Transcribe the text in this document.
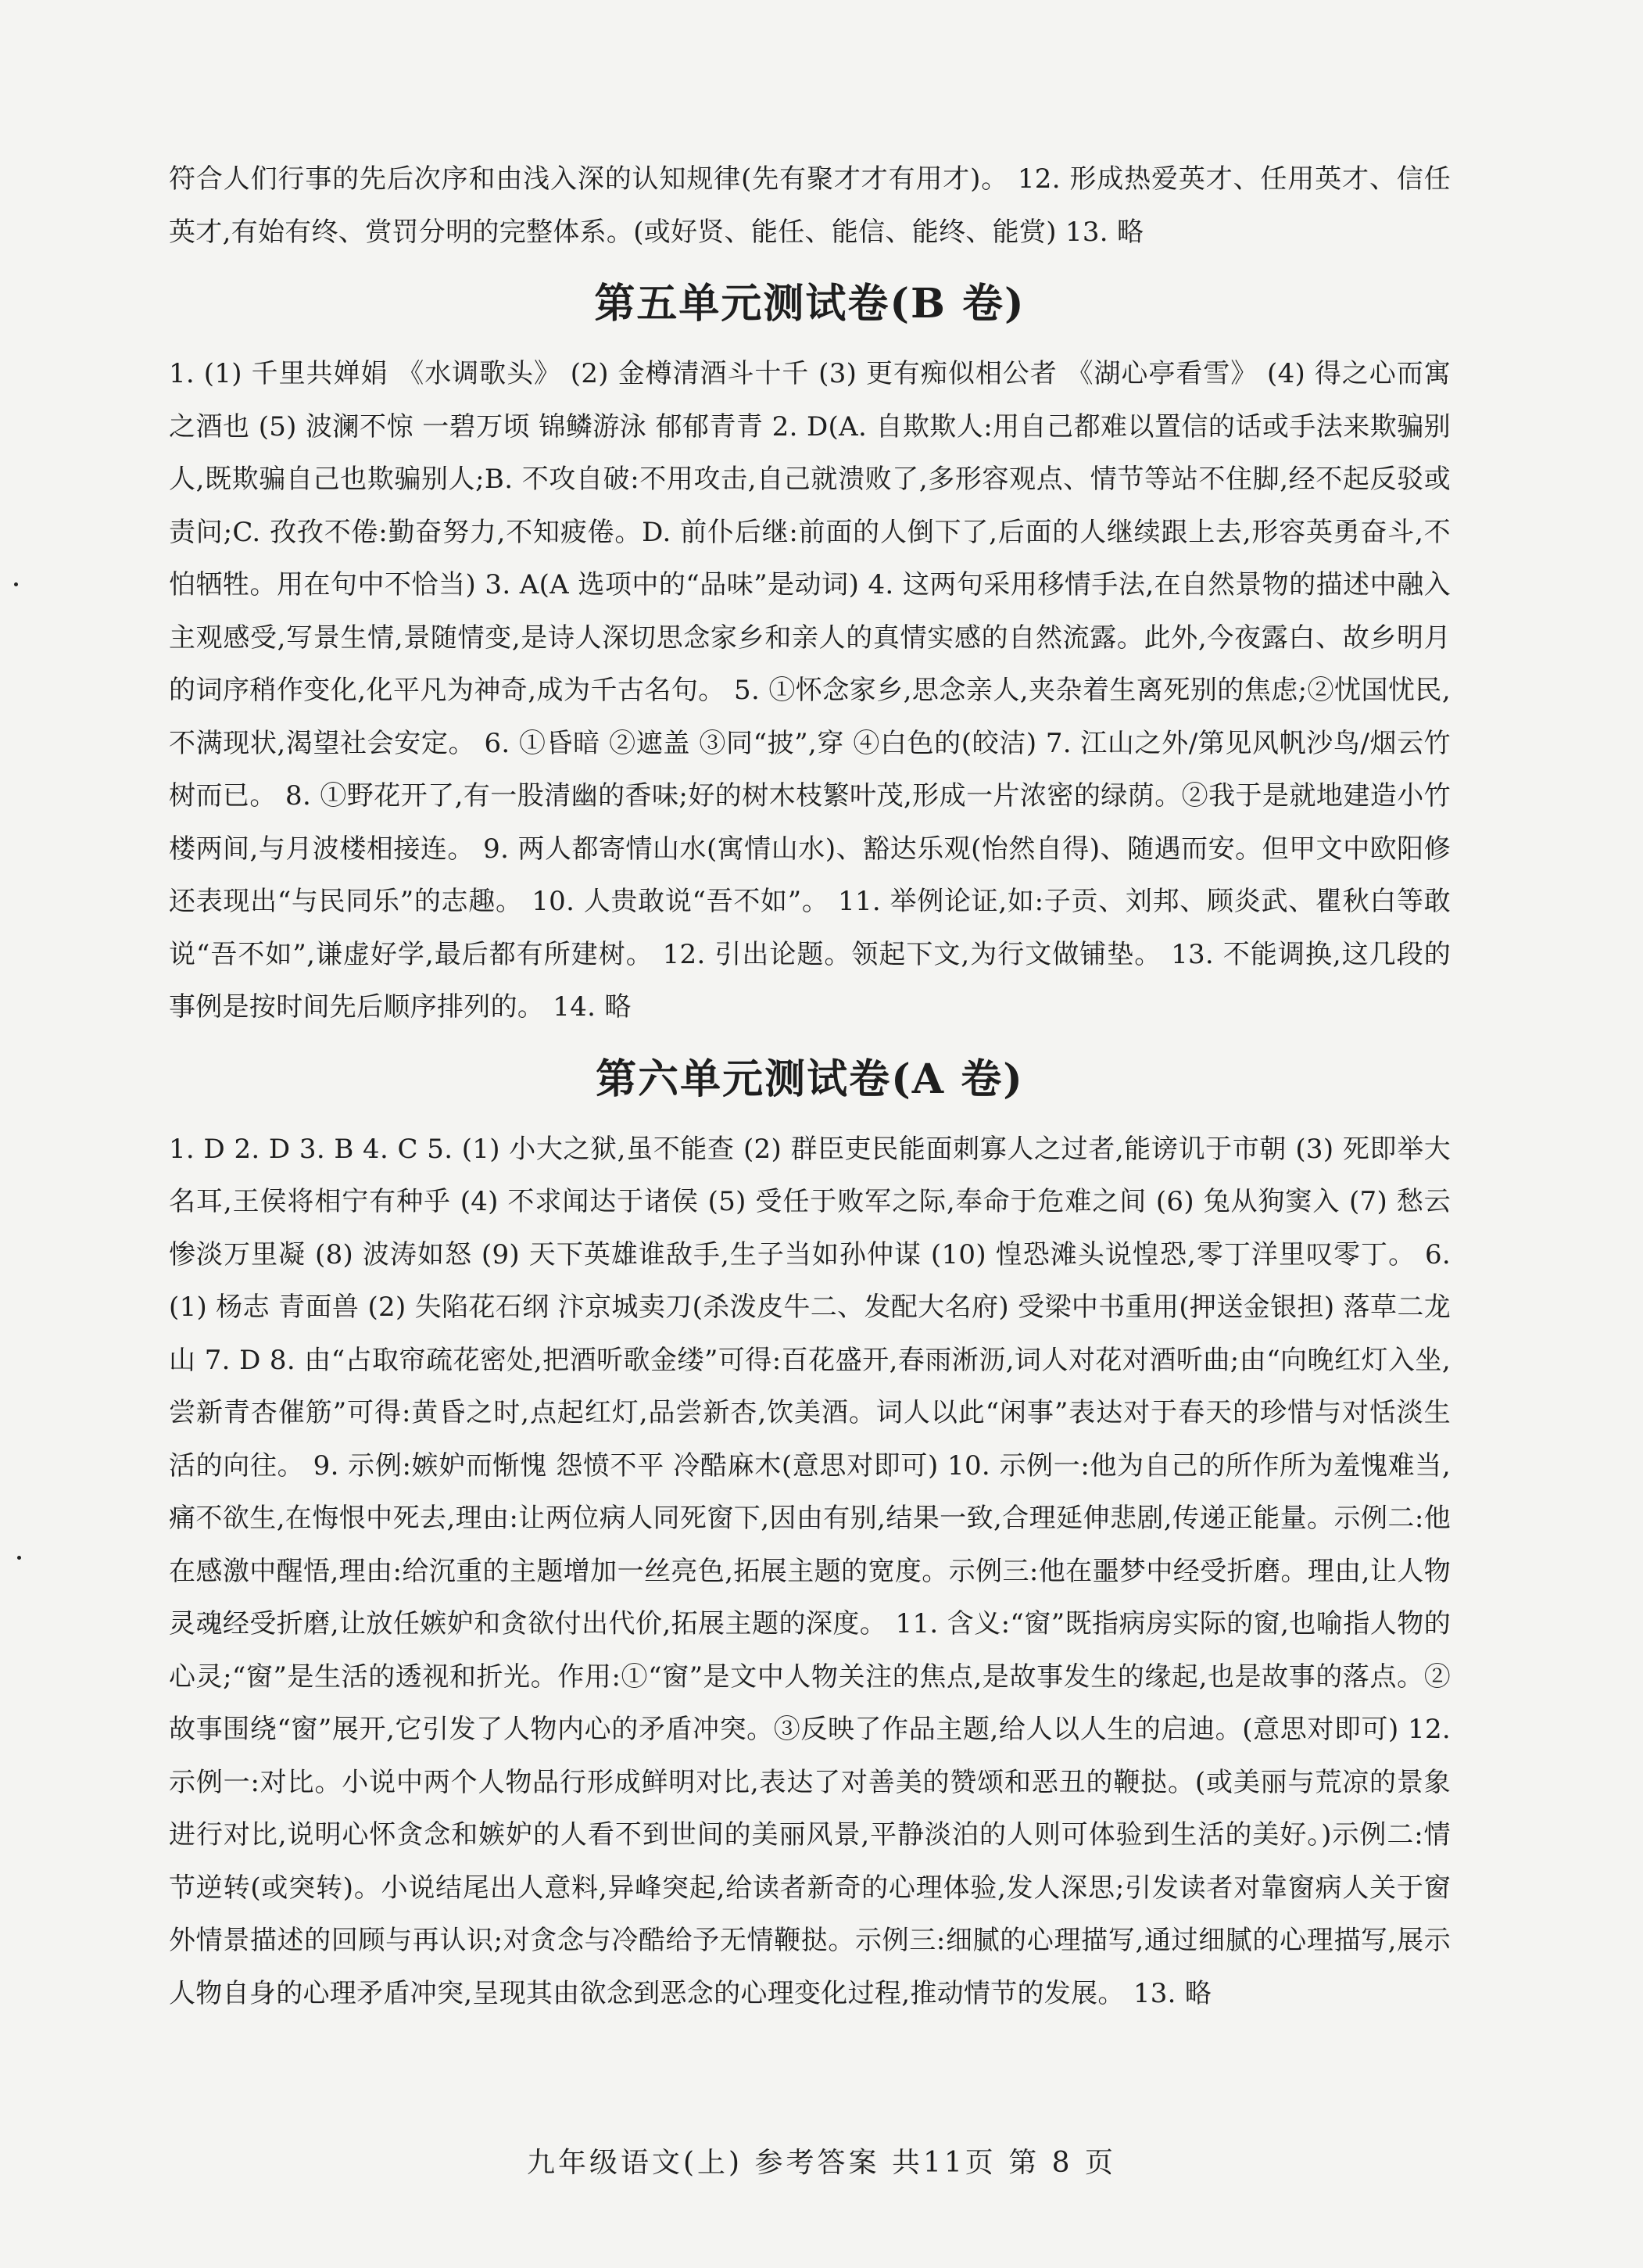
符合人们行事的先后次序和由浅入深的认知规律(先有聚才才有用才)。 12. 形成热爱英才、任用英才、信任英才,有始有终、赏罚分明的完整体系。(或好贤、能任、能信、能终、能赏) 13. 略

第五单元测试卷(B 卷)

1. (1) 千里共婵娟 《水调歌头》 (2) 金樽清酒斗十千 (3) 更有痴似相公者 《湖心亭看雪》 (4) 得之心而寓之酒也 (5) 波澜不惊 一碧万顷 锦鳞游泳 郁郁青青 2. D(A. 自欺欺人:用自己都难以置信的话或手法来欺骗别人,既欺骗自己也欺骗别人;B. 不攻自破:不用攻击,自己就溃败了,多形容观点、情节等站不住脚,经不起反驳或责问;C. 孜孜不倦:勤奋努力,不知疲倦。D. 前仆后继:前面的人倒下了,后面的人继续跟上去,形容英勇奋斗,不怕牺牲。用在句中不恰当) 3. A(A 选项中的“品味”是动词) 4. 这两句采用移情手法,在自然景物的描述中融入主观感受,写景生情,景随情变,是诗人深切思念家乡和亲人的真情实感的自然流露。此外,今夜露白、故乡明月的词序稍作变化,化平凡为神奇,成为千古名句。 5. ①怀念家乡,思念亲人,夹杂着生离死别的焦虑;②忧国忧民,不满现状,渴望社会安定。 6. ①昏暗 ②遮盖 ③同“披”,穿 ④白色的(皎洁) 7. 江山之外/第见风帆沙鸟/烟云竹树而已。 8. ①野花开了,有一股清幽的香味;好的树木枝繁叶茂,形成一片浓密的绿荫。②我于是就地建造小竹楼两间,与月波楼相接连。 9. 两人都寄情山水(寓情山水)、豁达乐观(怡然自得)、随遇而安。但甲文中欧阳修还表现出“与民同乐”的志趣。 10. 人贵敢说“吾不如”。 11. 举例论证,如:子贡、刘邦、顾炎武、瞿秋白等敢说“吾不如”,谦虚好学,最后都有所建树。 12. 引出论题。领起下文,为行文做铺垫。 13. 不能调换,这几段的事例是按时间先后顺序排列的。 14. 略

第六单元测试卷(A 卷)

1. D 2. D 3. B 4. C 5. (1) 小大之狱,虽不能查 (2) 群臣吏民能面刺寡人之过者,能谤讥于市朝 (3) 死即举大名耳,王侯将相宁有种乎 (4) 不求闻达于诸侯 (5) 受任于败军之际,奉命于危难之间 (6) 兔从狗窦入 (7) 愁云惨淡万里凝 (8) 波涛如怒 (9) 天下英雄谁敌手,生子当如孙仲谋 (10) 惶恐滩头说惶恐,零丁洋里叹零丁。 6. (1) 杨志 青面兽 (2) 失陷花石纲 汴京城卖刀(杀泼皮牛二、发配大名府) 受梁中书重用(押送金银担) 落草二龙山 7. D 8. 由“占取帘疏花密处,把酒听歌金缕”可得:百花盛开,春雨淅沥,词人对花对酒听曲;由“向晚红灯入坐,尝新青杏催筋”可得:黄昏之时,点起红灯,品尝新杏,饮美酒。词人以此“闲事”表达对于春天的珍惜与对恬淡生活的向往。 9. 示例:嫉妒而惭愧 怨愤不平 冷酷麻木(意思对即可) 10. 示例一:他为自己的所作所为羞愧难当,痛不欲生,在悔恨中死去,理由:让两位病人同死窗下,因由有别,结果一致,合理延伸悲剧,传递正能量。示例二:他在感激中醒悟,理由:给沉重的主题增加一丝亮色,拓展主题的宽度。示例三:他在噩梦中经受折磨。理由,让人物灵魂经受折磨,让放任嫉妒和贪欲付出代价,拓展主题的深度。 11. 含义:“窗”既指病房实际的窗,也喻指人物的心灵;“窗”是生活的透视和折光。作用:①“窗”是文中人物关注的焦点,是故事发生的缘起,也是故事的落点。②故事围绕“窗”展开,它引发了人物内心的矛盾冲突。③反映了作品主题,给人以人生的启迪。(意思对即可) 12. 示例一:对比。小说中两个人物品行形成鲜明对比,表达了对善美的赞颂和恶丑的鞭挞。(或美丽与荒凉的景象进行对比,说明心怀贪念和嫉妒的人看不到世间的美丽风景,平静淡泊的人则可体验到生活的美好。)示例二:情节逆转(或突转)。小说结尾出人意料,异峰突起,给读者新奇的心理体验,发人深思;引发读者对靠窗病人关于窗外情景描述的回顾与再认识;对贪念与冷酷给予无情鞭挞。示例三:细腻的心理描写,通过细腻的心理描写,展示人物自身的心理矛盾冲突,呈现其由欲念到恶念的心理变化过程,推动情节的发展。 13. 略

九年级语文(上) 参考答案 共11页 第 8 页
